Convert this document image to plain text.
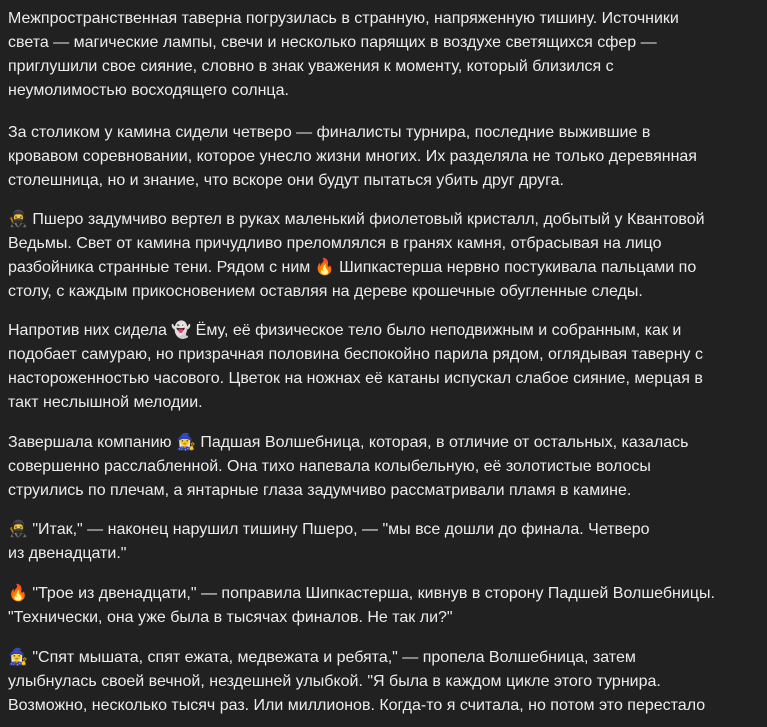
Межпространственная таверна погрузилась в странную, напряженную тишину. Источники
света — магические лампы, свечи и несколько парящих в воздухе светящихся сфер —
приглушили свое сияние, словно в знак уважения к моменту, который близился с
неумолимостью восходящего солнца.

За столиком у камина сидели четверо — финалисты турнира, последние выжившие в
кровавом соревновании, которое унесло жизни многих. Их разделяла не только деревянная
столешница, но и знание, что вскоре они будут пытаться убить друг друга.

🥷 Пшеро задумчиво вертел в руках маленький фиолетовый кристалл, добытый у Квантовой
Ведьмы. Свет от камина причудливо преломлялся в гранях камня, отбрасывая на лицо
разбойника странные тени. Рядом с ним 🔥 Шипкастерша нервно постукивала пальцами по
столу, с каждым прикосновением оставляя на дереве крошечные обугленные следы.

Напротив них сидела 👻 Ёму, её физическое тело было неподвижным и собранным, как и
подобает самураю, но призрачная половина беспокойно парила рядом, оглядывая таверну с
настороженностью часового. Цветок на ножнах её катаны испускал слабое сияние, мерцая в
такт неслышной мелодии.

Завершала компанию 🧙‍♀️ Падшая Волшебница, которая, в отличие от остальных, казалась
совершенно расслабленной. Она тихо напевала колыбельную, её золотистые волосы
струились по плечам, а янтарные глаза задумчиво рассматривали пламя в камине.

🥷 "Итак," — наконец нарушил тишину Пшеро, — "мы все дошли до финала. Четверо
из двенадцати."

🔥 "Трое из двенадцати," — поправила Шипкастерша, кивнув в сторону Падшей Волшебницы.
"Технически, она уже была в тысячах финалов. Не так ли?"

🧙‍♀️ "Спят мышата, спят ежата, медвежата и ребята," — пропела Волшебница, затем
улыбнулась своей вечной, нездешней улыбкой. "Я была в каждом цикле этого турнира.
Возможно, несколько тысяч раз. Или миллионов. Когда-то я считала, но потом это перестало
